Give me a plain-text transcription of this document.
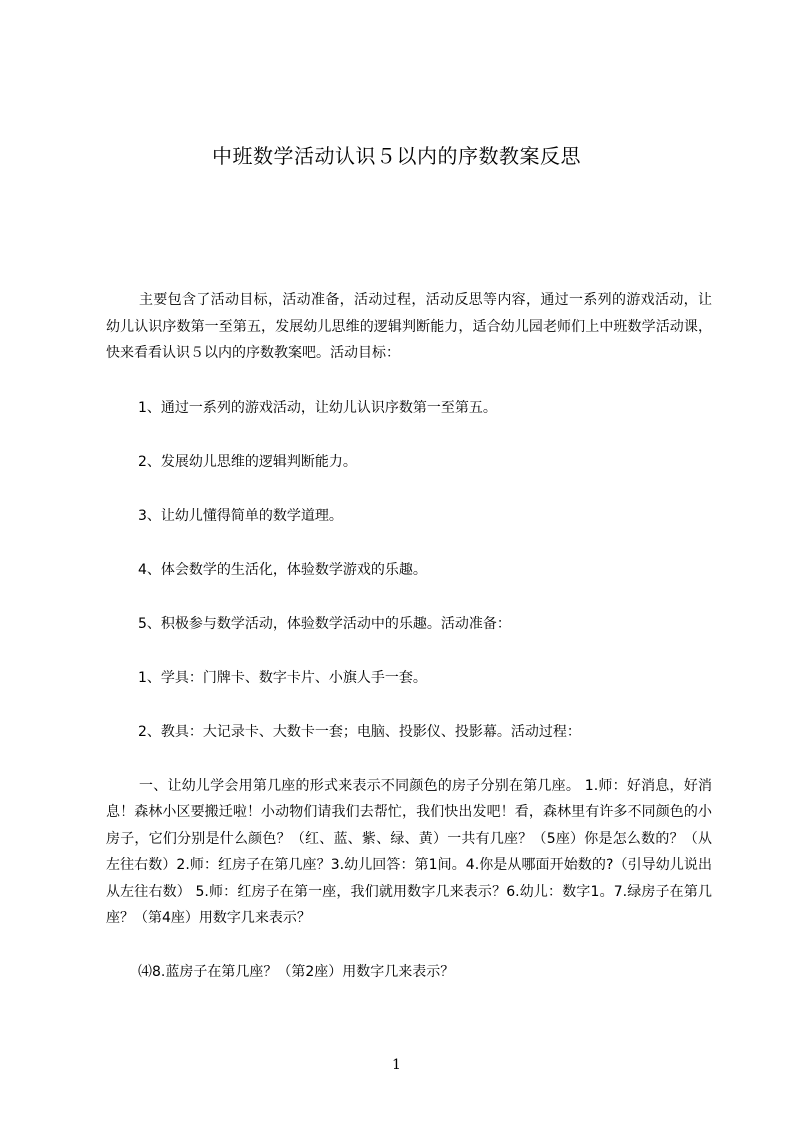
中班数学活动认识５以内的序数教案反思

主要包含了活动目标，活动准备，活动过程，活动反思等内容，通过一系列的游戏活动，让幼儿认识序数第一至第五，发展幼儿思维的逻辑判断能力，适合幼儿园老师们上中班数学活动课，快来看看认识５以内的序数教案吧。活动目标：

1、通过一系列的游戏活动，让幼儿认识序数第一至第五。

2、发展幼儿思维的逻辑判断能力。

3、让幼儿懂得简单的数学道理。

4、体会数学的生活化，体验数学游戏的乐趣。

5、积极参与数学活动，体验数学活动中的乐趣。活动准备：

1、学具：门牌卡、数字卡片、小旗人手一套。

2、教具：大记录卡、大数卡一套；电脑、投影仪、投影幕。活动过程：

一、让幼儿学会用第几座的形式来表示不同颜色的房子分别在第几座。 1.师：好消息，好消息！森林小区要搬迁啦！小动物们请我们去帮忙，我们快出发吧！看，森林里有许多不同颜色的小房子，它们分别是什么颜色？（红、蓝、紫、绿、黄）一共有几座？（5座）你是怎么数的？（从左往右数）2.师：红房子在第几座？3.幼儿回答：第1间。4.你是从哪面开始数的?（引导幼儿说出从左往右数） 5.师：红房子在第一座，我们就用数字几来表示？6.幼儿：数字1。7.绿房子在第几座？（第4座）用数字几来表示？

⑷8.蓝房子在第几座？（第2座）用数字几来表示？

1
